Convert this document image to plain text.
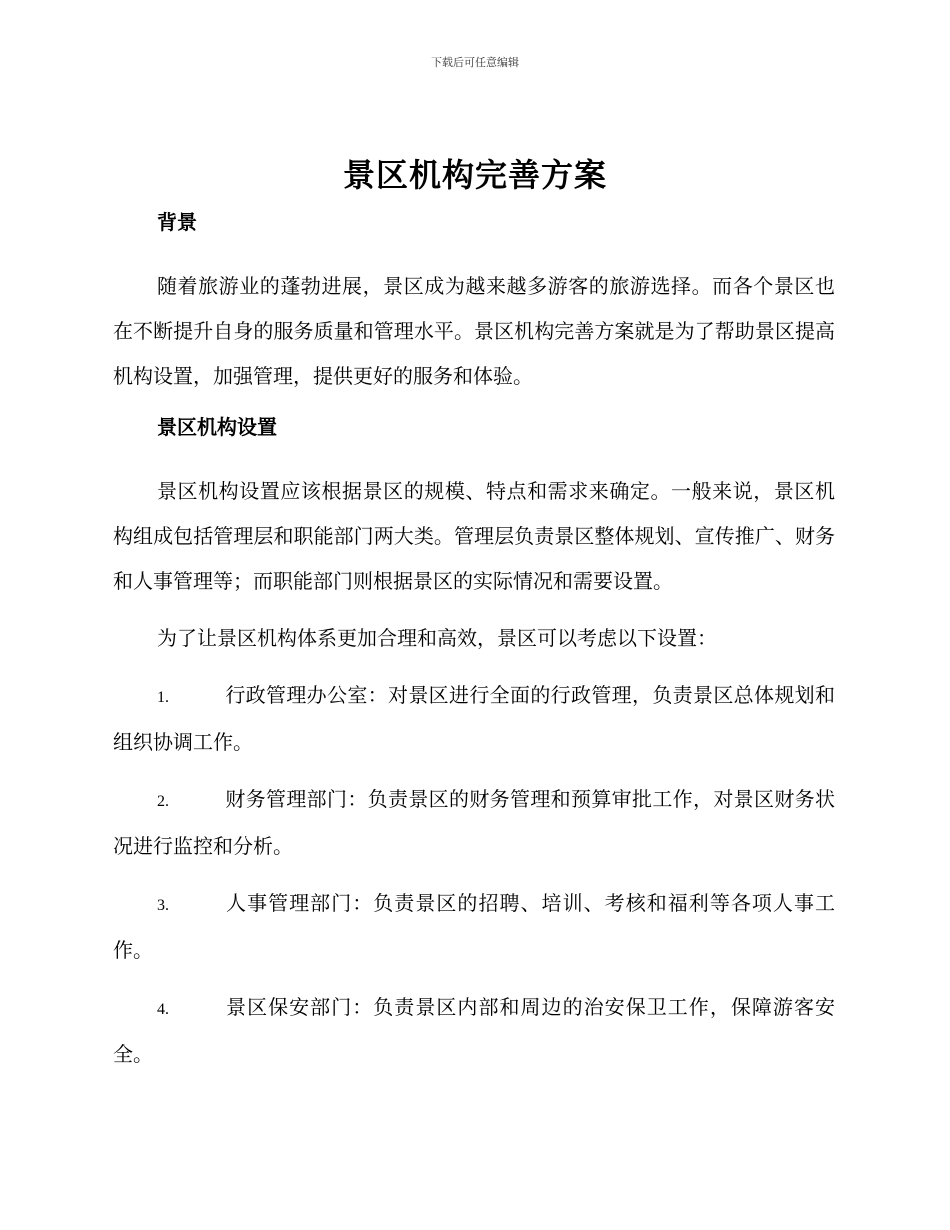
下载后可任意编辑
景区机构完善方案
背景

随着旅游业的蓬勃进展，景区成为越来越多游客的旅游选择。而各个景区也在不断提升自身的服务质量和管理水平。景区机构完善方案就是为了帮助景区提高机构设置，加强管理，提供更好的服务和体验。

景区机构设置

景区机构设置应该根据景区的规模、特点和需求来确定。一般来说，景区机构组成包括管理层和职能部门两大类。管理层负责景区整体规划、宣传推广、财务和人事管理等；而职能部门则根据景区的实际情况和需要设置。

为了让景区机构体系更加合理和高效，景区可以考虑以下设置：

1.	行政管理办公室：对景区进行全面的行政管理，负责景区总体规划和组织协调工作。

2.	财务管理部门：负责景区的财务管理和预算审批工作，对景区财务状况进行监控和分析。

3.	人事管理部门：负责景区的招聘、培训、考核和福利等各项人事工作。

4.	景区保安部门：负责景区内部和周边的治安保卫工作，保障游客安全。
